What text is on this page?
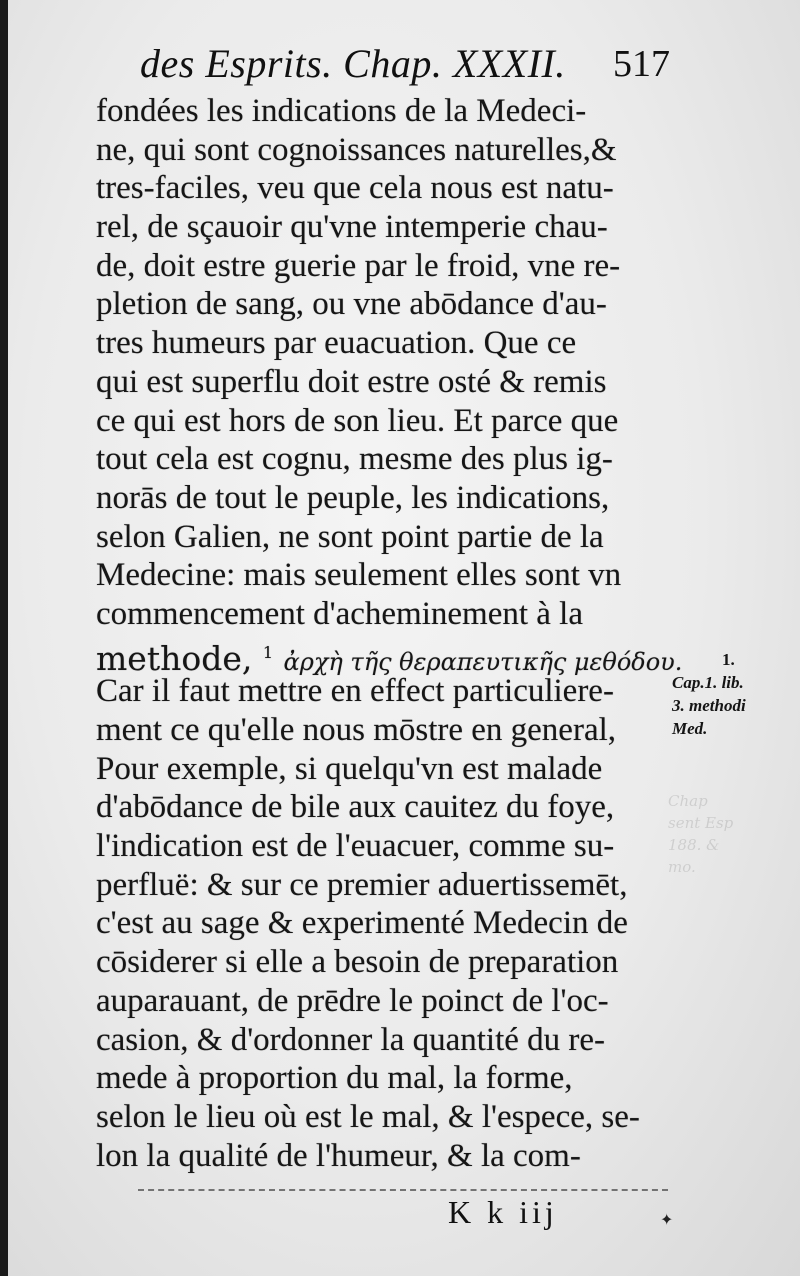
Chap
sent Esp
188. &
mo.
des Esprits. Chap. XXXII. 517
fondées les indications de la Medeci-
ne, qui sont cognoissances naturelles,&
tres-faciles, veu que cela nous est natu-
rel, de sçauoir qu'vne intemperie chau-
de, doit estre guerie par le froid, vne re-
pletion de sang, ou vne abōdance d'au-
tres humeurs par euacuation. Que ce
qui est superflu doit estre osté & remis
ce qui est hors de son lieu. Et parce que
tout cela est cognu, mesme des plus ig-
norās de tout le peuple, les indications,
selon Galien, ne sont point partie de la
Medecine: mais seulement elles sont vn
commencement d'acheminement à la
methode, $^1$ ἀρχὴ τῆς θεραπευτικῆς μεθόδου.
Car il faut mettre en effect particuliere-
ment ce qu'elle nous mōstre en general,
Pour exemple, si quelqu'vn est malade
d'abōdance de bile aux cauitez du foye,
l'indication est de l'euacuer, comme su-
perfluë: & sur ce premier aduertissemēt,
c'est au sage & experimenté Medecin de
cōsiderer si elle a besoin de preparation
auparauant, de prēdre le poinct de l'oc-
casion, & d'ordonner la quantité du re-
mede à proportion du mal, la forme,
selon le lieu où est le mal, & l'espece, se-
lon la qualité de l'humeur, & la com-
1.
Cap.1. lib.
3. methodi
Med.
K k iij	✦
